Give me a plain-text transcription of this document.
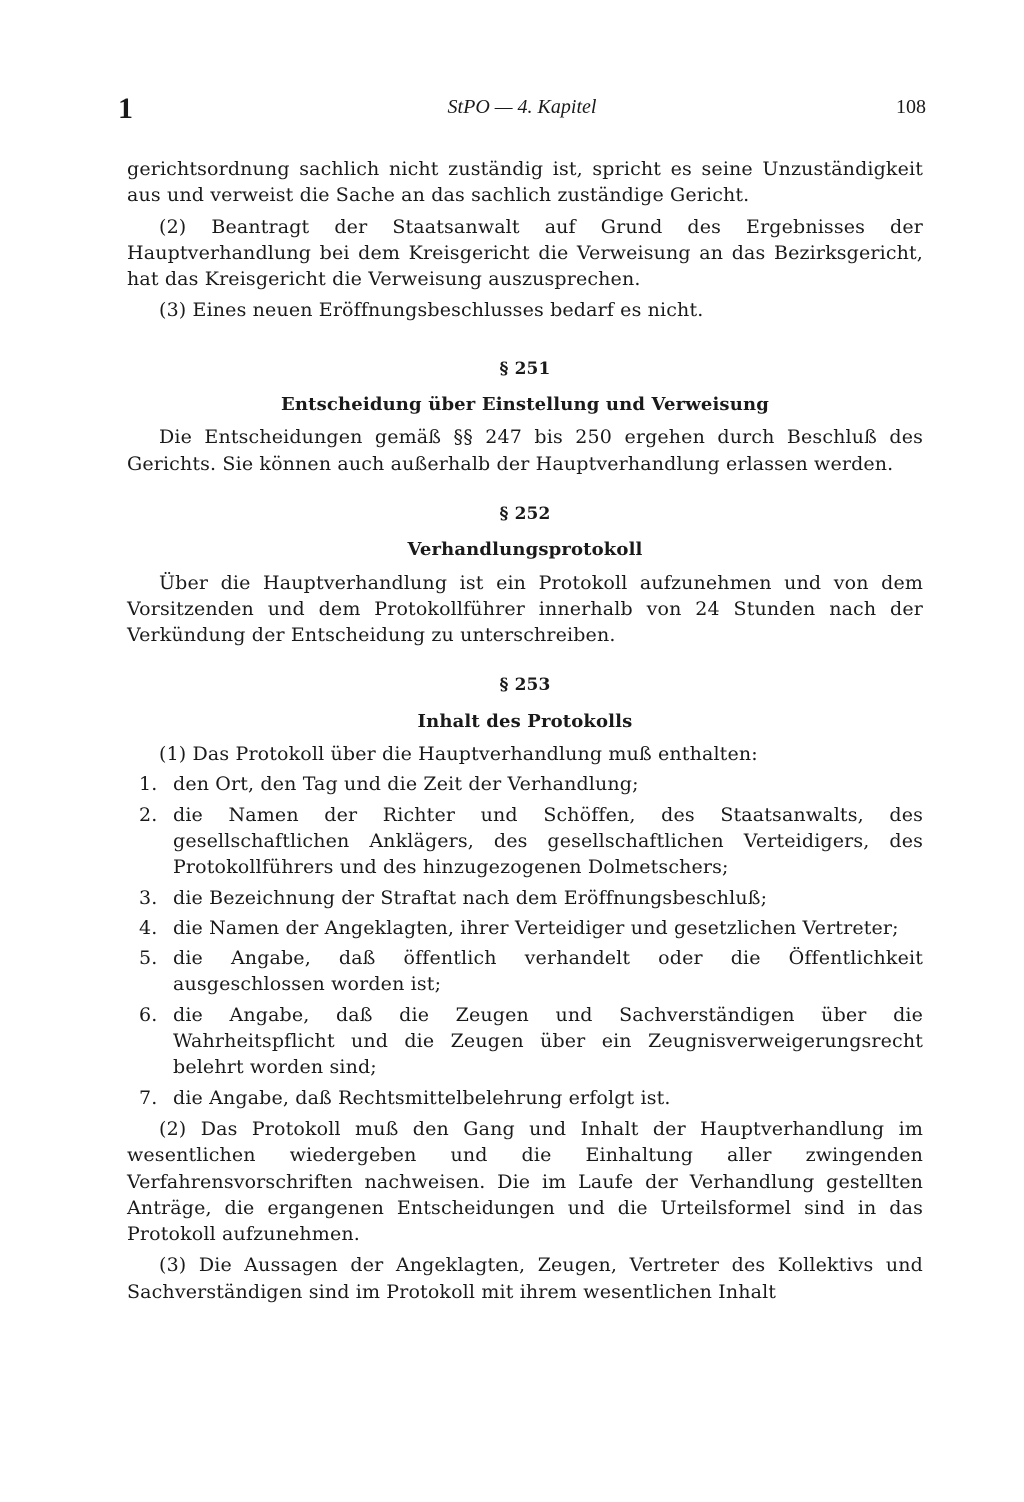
1	StPO — 4. Kapitel	108

gerichtsordnung sachlich nicht zuständig ist, spricht es seine Unzuständigkeit aus und verweist die Sache an das sachlich zuständige Gericht.

(2) Beantragt der Staatsanwalt auf Grund des Ergebnisses der Hauptverhandlung bei dem Kreisgericht die Verweisung an das Bezirksgericht, hat das Kreisgericht die Verweisung auszusprechen.

(3) Eines neuen Eröffnungsbeschlusses bedarf es nicht.

§ 251
Entscheidung über Einstellung und Verweisung

Die Entscheidungen gemäß §§ 247 bis 250 ergehen durch Beschluß des Gerichts. Sie können auch außerhalb der Hauptverhandlung erlassen werden.

§ 252
Verhandlungsprotokoll

Über die Hauptverhandlung ist ein Protokoll aufzunehmen und von dem Vorsitzenden und dem Protokollführer innerhalb von 24 Stunden nach der Verkündung der Entscheidung zu unterschreiben.

§ 253
Inhalt des Protokolls

(1) Das Protokoll über die Hauptverhandlung muß enthalten:

1. den Ort, den Tag und die Zeit der Verhandlung;
2. die Namen der Richter und Schöffen, des Staatsanwalts, des gesellschaftlichen Anklägers, des gesellschaftlichen Verteidigers, des Protokollführers und des hinzugezogenen Dolmetschers;
3. die Bezeichnung der Straftat nach dem Eröffnungsbeschluß;
4. die Namen der Angeklagten, ihrer Verteidiger und gesetzlichen Vertreter;
5. die Angabe, daß öffentlich verhandelt oder die Öffentlichkeit ausgeschlossen worden ist;
6. die Angabe, daß die Zeugen und Sachverständigen über die Wahrheitspflicht und die Zeugen über ein Zeugnisverweigerungsrecht belehrt worden sind;
7. die Angabe, daß Rechtsmittelbelehrung erfolgt ist.

(2) Das Protokoll muß den Gang und Inhalt der Hauptverhandlung im wesentlichen wiedergeben und die Einhaltung aller zwingenden Verfahrensvorschriften nachweisen. Die im Laufe der Verhandlung gestellten Anträge, die ergangenen Entscheidungen und die Urteilsformel sind in das Protokoll aufzunehmen.

(3) Die Aussagen der Angeklagten, Zeugen, Vertreter des Kollektivs und Sachverständigen sind im Protokoll mit ihrem wesentlichen Inhalt
